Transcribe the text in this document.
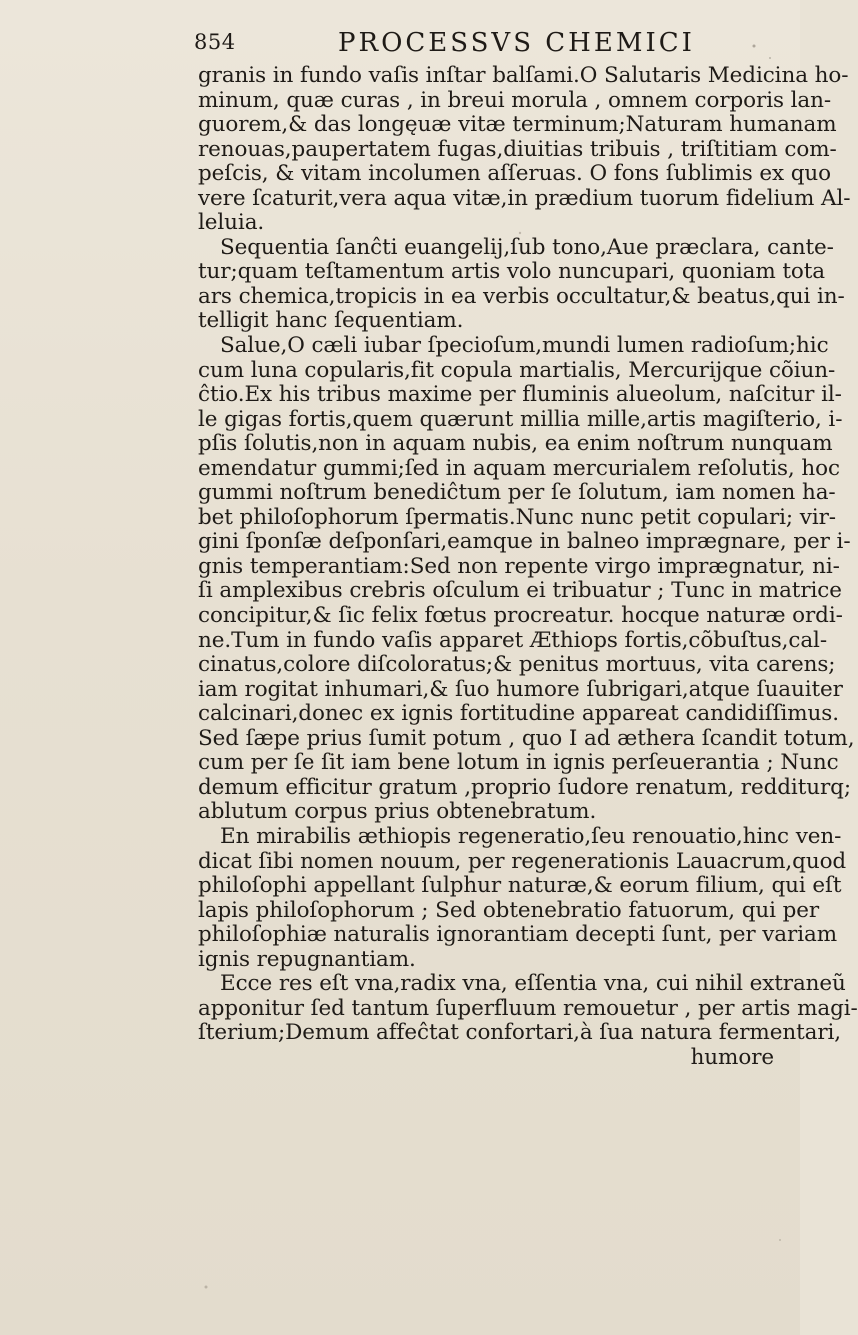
854	PROCESSVS CHEMICI
granis in fundo vaſis inſtar balſami.O Salutaris Medicina ho-
minum, quæ curas , in breui morula , omnem corporis lan-
guorem,& das longęuæ vitæ terminum;Naturam humanam
renouas,paupertatem fugas,diuitias tribuis , triſtitiam com-
peſcis, & vitam incolumen aſſeruas. O fons ſublimis ex quo
vere ſcaturit,vera aqua vitæ,in prædium tuorum fidelium Al-
leluia.
Sequentia ſanĉti euangelij,ſub tono,Aue præclara, cante-
tur;quam teſtamentum artis volo nuncupari, quoniam tota
ars chemica,tropicis in ea verbis occultatur,& beatus,qui in-
telligit hanc ſequentiam.
Salue,O cæli iubar ſpecioſum,mundi lumen radioſum;hic
cum luna copularis,fit copula martialis, Mercurijque cõiun-
ĉtio.Ex his tribus maxime per fluminis alueolum, naſcitur il-
le gigas fortis,quem quærunt millia mille,artis magiſterio, i-
pſis ſolutis,non in aquam nubis, ea enim noſtrum nunquam
emendatur gummi;ſed in aquam mercurialem reſolutis, hoc
gummi noſtrum benediĉtum per ſe ſolutum, iam nomen ha-
bet philoſophorum ſpermatis.Nunc nunc petit copulari; vir-
gini ſponſæ deſponſari,eamque in balneo imprægnare, per i-
gnis temperantiam:Sed non repente virgo imprægnatur, ni-
ſi amplexibus crebris oſculum ei tribuatur ; Tunc in matrice
concipitur,& ſic felix fœtus procreatur. hocque naturæ ordi-
ne.Tum in fundo vaſis apparet Æthiops fortis,cõbuſtus,cal-
cinatus,colore diſcoloratus;& penitus mortuus, vita carens;
iam rogitat inhumari,& ſuo humore ſubrigari,atque ſuauiter
calcinari,donec ex ignis fortitudine appareat candidiſſimus.
Sed ſæpe prius ſumit potum , quo I ad æthera ſcandit totum,
cum per ſe ſit iam bene lotum in ignis perſeuerantia ; Nunc
demum efficitur gratum ,proprio ſudore renatum, redditurq;
ablutum corpus prius obtenebratum.
En mirabilis æthiopis regeneratio,ſeu renouatio,hinc ven-
dicat ſibi nomen nouum, per regenerationis Lauacrum,quod
philoſophi appellant ſulphur naturæ,& eorum filium, qui eſt
lapis philoſophorum ; Sed obtenebratio fatuorum, qui per
philoſophiæ naturalis ignorantiam decepti ſunt, per variam
ignis repugnantiam.
Ecce res eſt vna,radix vna, eſſentia vna, cui nihil extraneũ
apponitur ſed tantum ſuperfluum remouetur , per artis magi-
ſterium;Demum affeĉtat confortari,à ſua natura fermentari,
humore
